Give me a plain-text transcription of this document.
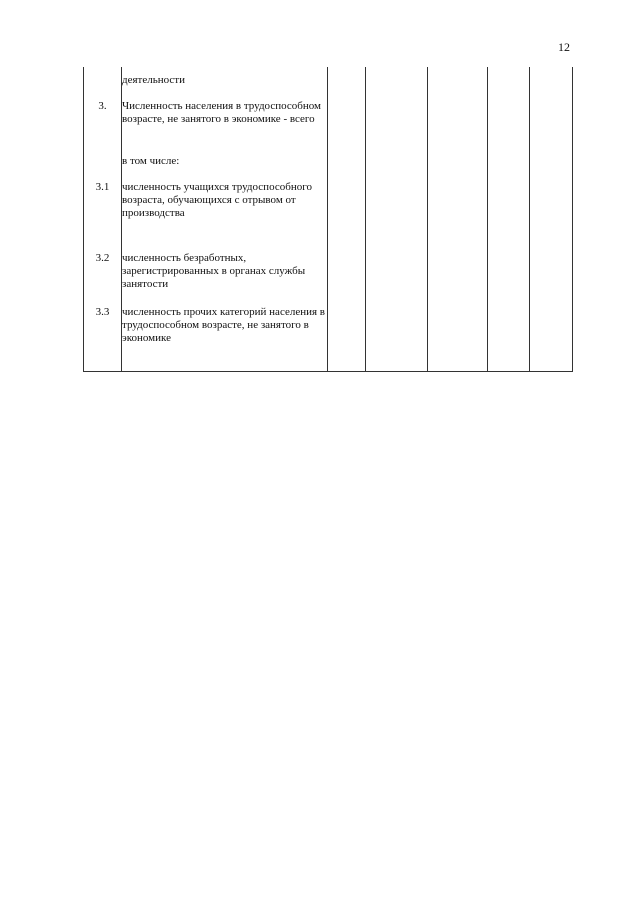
12
	деятельности					
3.	Численность населения в трудоспособном возрасте, не занятого в экономике - всего					
	в том числе:					
3.1	численность учащихся трудоспособного возраста, обучающихся с отрывом от производства					
3.2	численность безработных, зарегистрированных в органах службы занятости					
3.3	численность прочих категорий населения в трудоспособном возрасте, не занятого в экономике					
